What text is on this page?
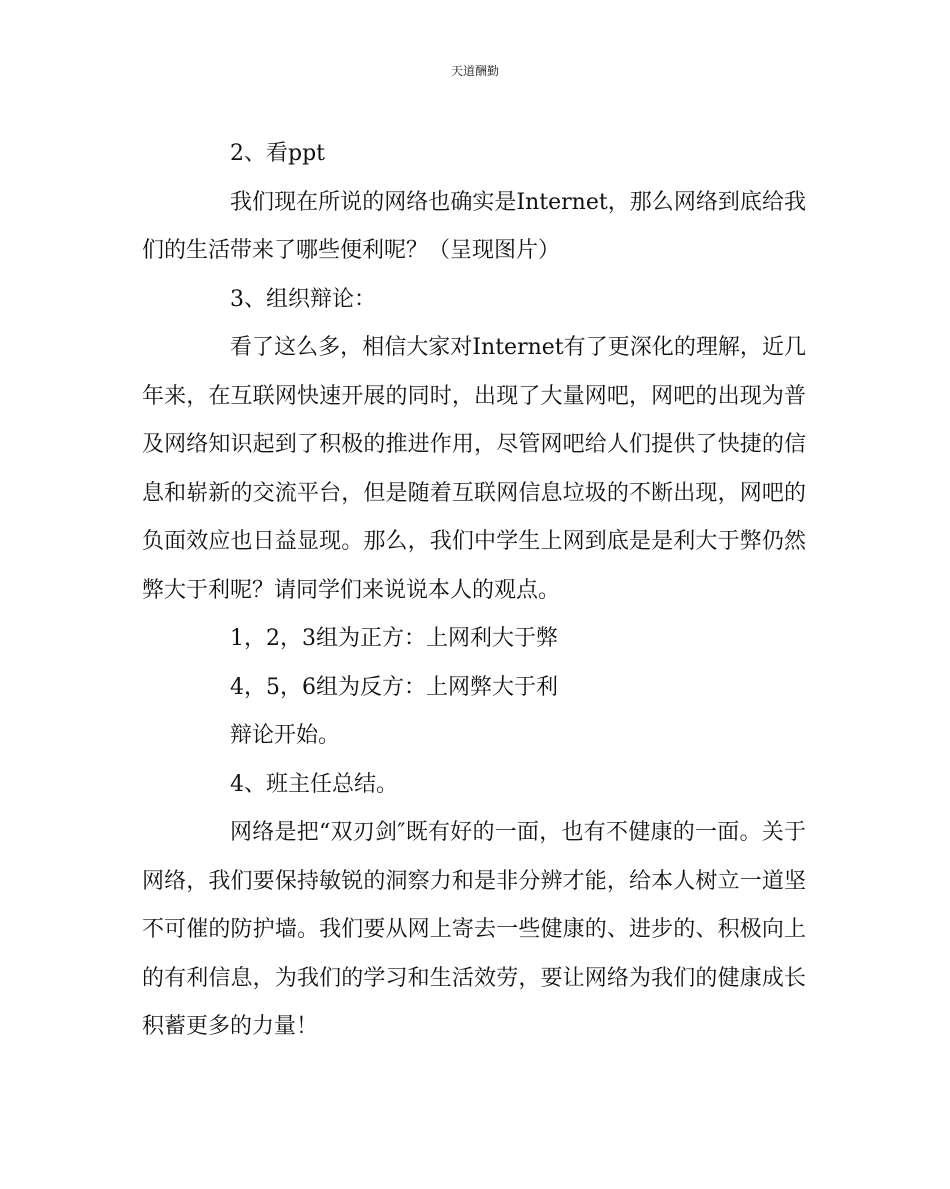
天道酬勤

2、看ppt

我们现在所说的网络也确实是Internet，那么网络到底给我们的生活带来了哪些便利呢？（呈现图片）

3、组织辩论：

看了这么多，相信大家对Internet有了更深化的理解，近几年来，在互联网快速开展的同时，出现了大量网吧，网吧的出现为普及网络知识起到了积极的推进作用，尽管网吧给人们提供了快捷的信息和崭新的交流平台，但是随着互联网信息垃圾的不断出现，网吧的负面效应也日益显现。那么，我们中学生上网到底是是利大于弊仍然弊大于利呢？请同学们来说说本人的观点。

1，2，3组为正方：上网利大于弊

4，5，6组为反方：上网弊大于利

辩论开始。

4、班主任总结。

网络是把“双刃剑″既有好的一面，也有不健康的一面。关于网络，我们要保持敏锐的洞察力和是非分辨才能，给本人树立一道坚不可催的防护墙。我们要从网上寄去一些健康的、进步的、积极向上的有利信息，为我们的学习和生活效劳，要让网络为我们的健康成长积蓄更多的力量！
